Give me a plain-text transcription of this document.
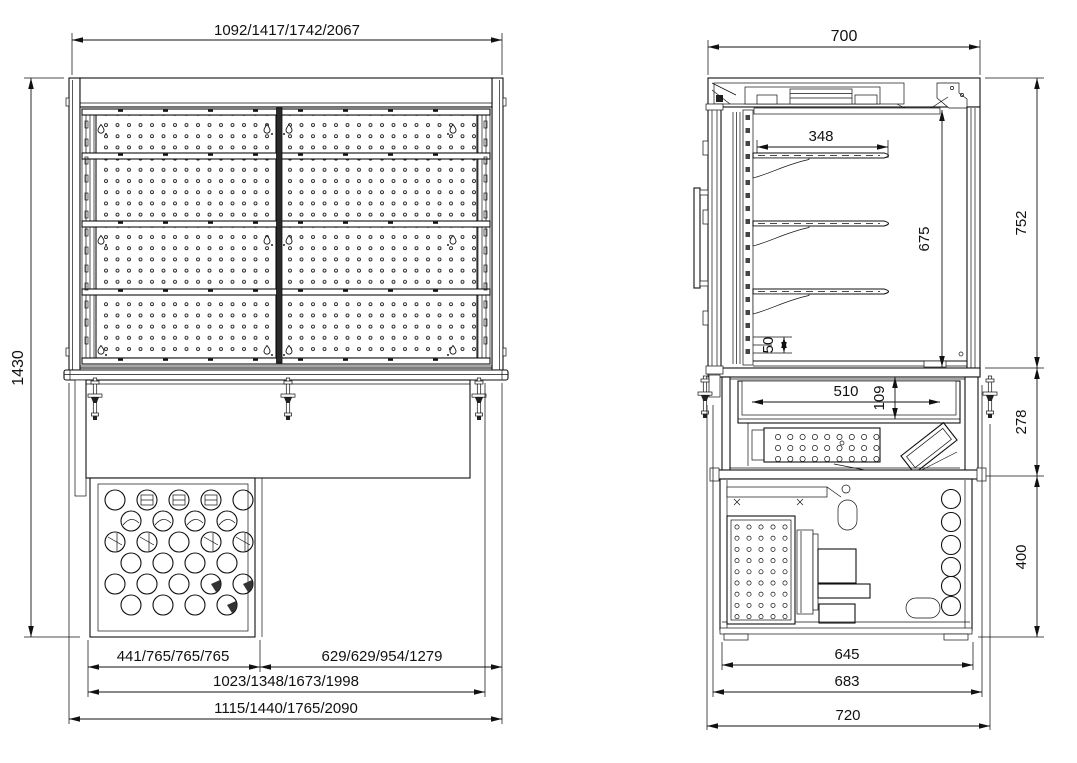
1092/1417/1742/2067
1430
441/765/765/765	629/629/954/1279
1023/1348/1673/1998
1115/1440/1765/2090
700
348
675
50
752
278
400
510 109
645
683
720
